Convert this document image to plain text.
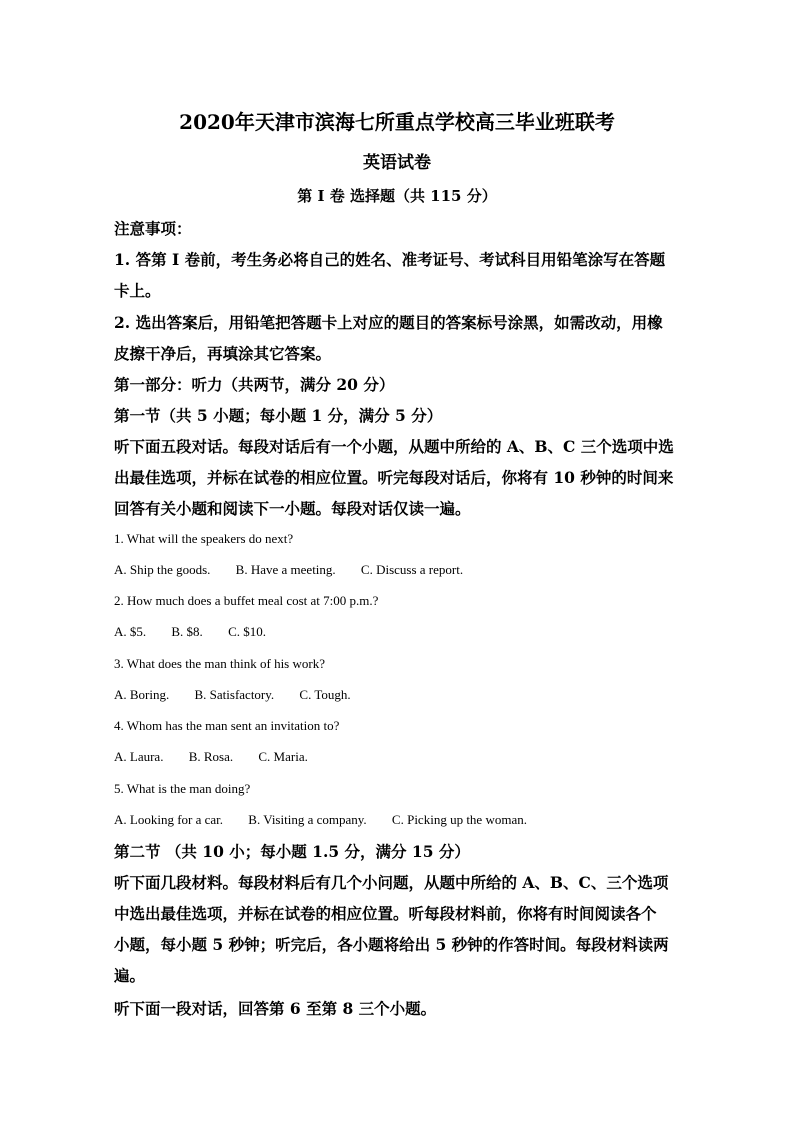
2020年天津市滨海七所重点学校高三毕业班联考
英语试卷
第 I 卷 选择题（共 115 分）
注意事项：
1. 答第 I 卷前，考生务必将自己的姓名、准考证号、考试科目用铅笔涂写在答题
卡上。
2. 选出答案后，用铅笔把答题卡上对应的题目的答案标号涂黑，如需改动，用橡
皮擦干净后，再填涂其它答案。
第一部分：听力（共两节，满分 20 分）
第一节（共 5 小题；每小题 1 分，满分 5 分）
听下面五段对话。每段对话后有一个小题，从题中所给的 A、B、C 三个选项中选
出最佳选项，并标在试卷的相应位置。听完每段对话后，你将有 10 秒钟的时间来
回答有关小题和阅读下一小题。每段对话仅读一遍。
1. What will the speakers do next?
A. Ship the goods. B. Have a meeting. C. Discuss a report.
2. How much does a buffet meal cost at 7:00 p.m.?
A. $5. B. $8. C. $10.
3. What does the man think of his work?
A. Boring. B. Satisfactory. C. Tough.
4. Whom has the man sent an invitation to?
A. Laura. B. Rosa. C. Maria.
5. What is the man doing?
A. Looking for a car. B. Visiting a company. C. Picking up the woman.
第二节 （共 10 小；每小题 1.5 分，满分 15 分）
听下面几段材料。每段材料后有几个小问题，从题中所给的 A、B、C、三个选项
中选出最佳选项，并标在试卷的相应位置。听每段材料前，你将有时间阅读各个
小题，每小题 5 秒钟；听完后，各小题将给出 5 秒钟的作答时间。每段材料读两
遍。
听下面一段对话，回答第 6 至第 8 三个小题。
